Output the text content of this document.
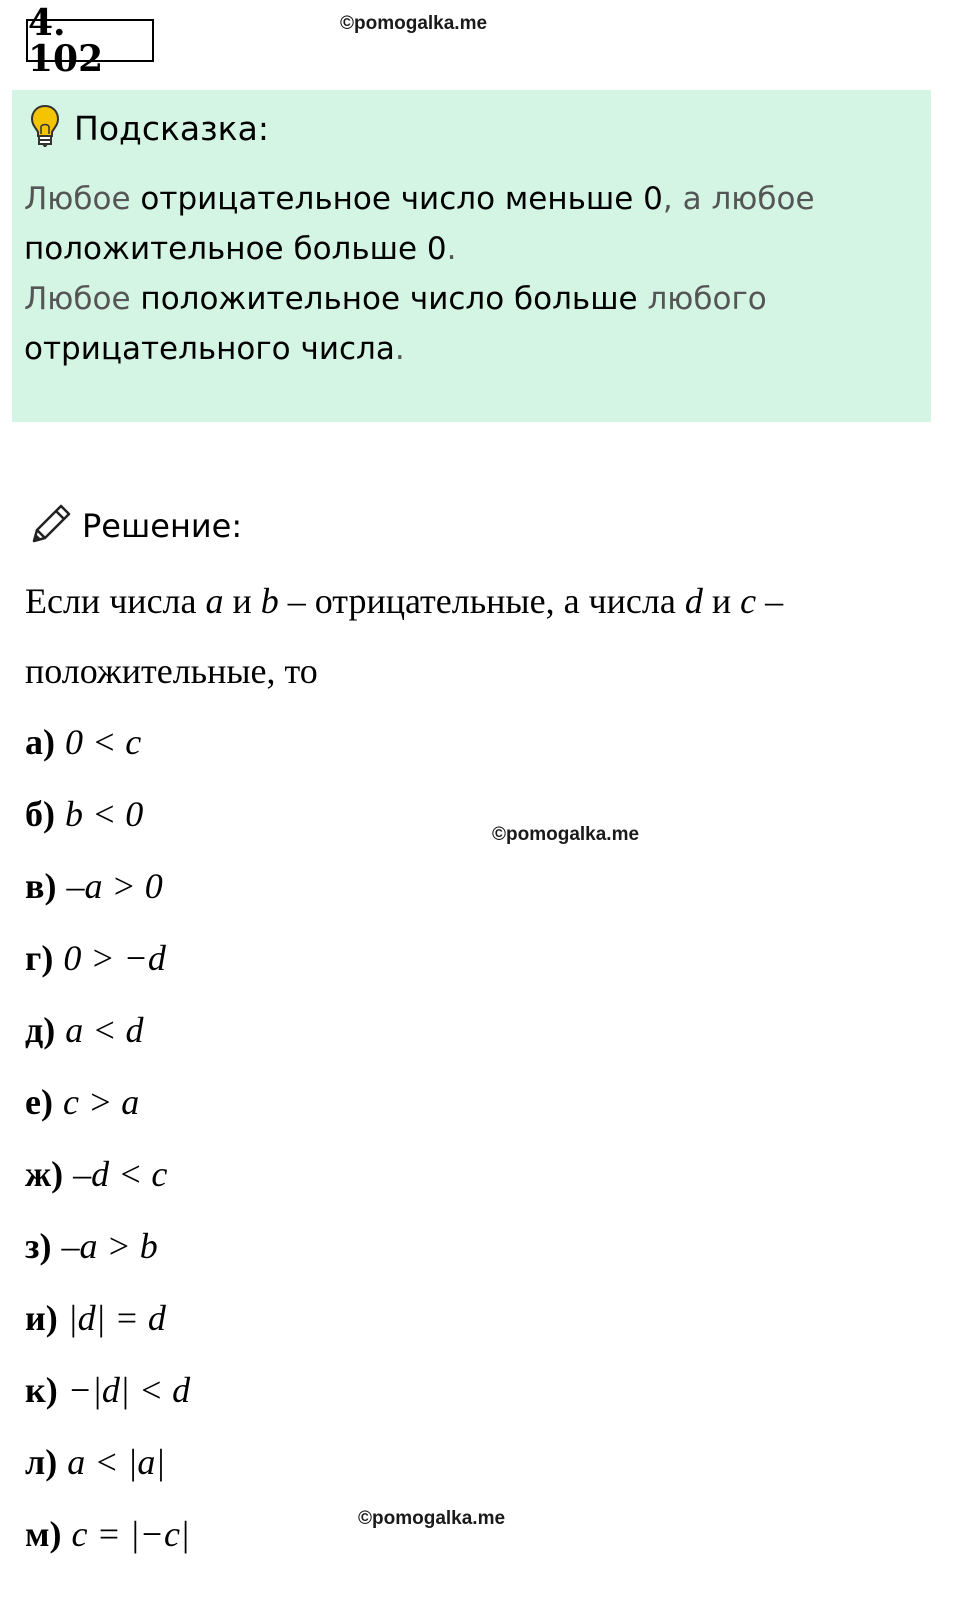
4. 102
©pomogalka.me
Подсказка:
Любое отрицательное число меньше 0, а любое
положительное больше 0.
Любое положительное число больше любого
отрицательного числа.
Решение:
Если числа a и b – отрицательные, а числа d и c –
положительные, то
а) 0 < c
б) b < 0
в) –a > 0
г) 0 > −d
д) a < d
е) c > a
ж) –d < c
з) –a > b
и) |d| = d
к) −|d| < d
л) a < |a|
м) c = |−c|
©pomogalka.me
©pomogalka.me
